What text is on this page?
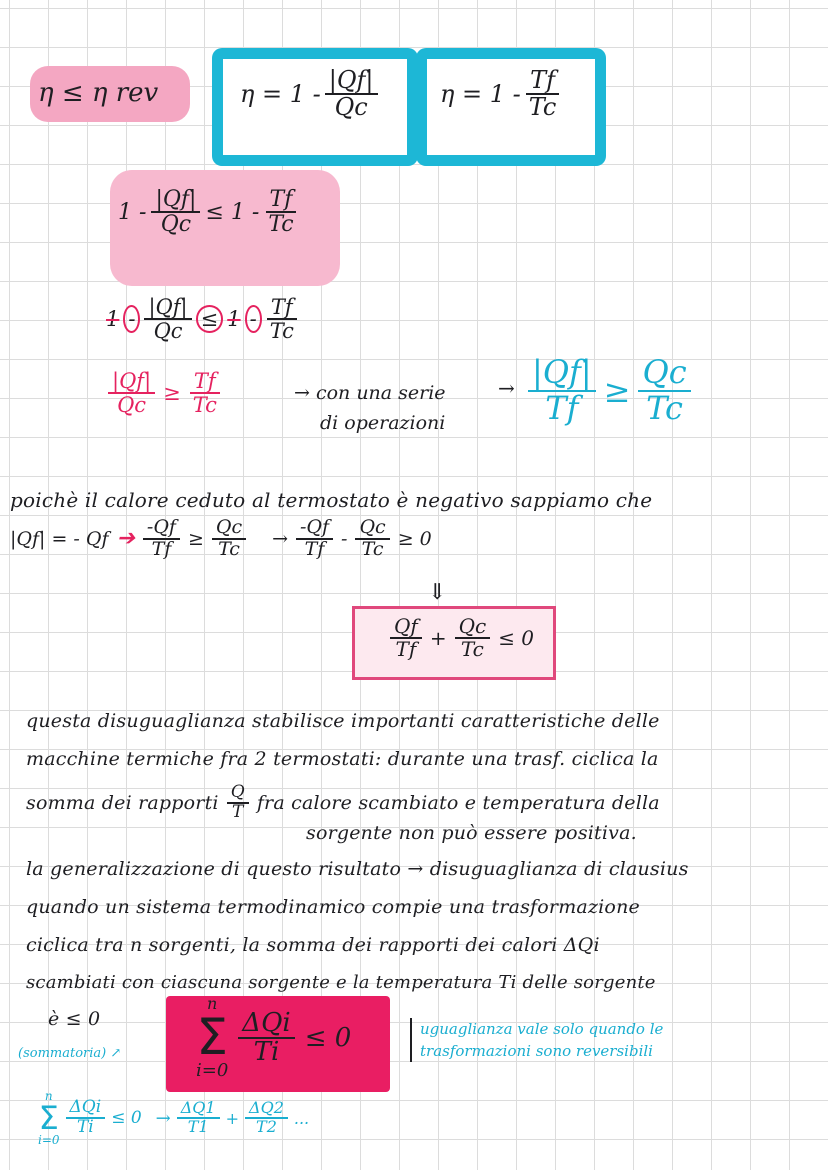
η ≤ η rev	$\eta = 1 - \frac{|Qf|}{Qc}$	$\eta = 1 - \frac{Tf}{Tc}$
$1 - \frac{|Qf|}{Qc} \le 1 - \frac{Tf}{Tc}$
$1 - \frac{|Qf|}{Qc} \le 1 - \frac{Tf}{Tc}$
$\frac{|Qf|}{Qc} \ge \frac{Tf}{Tc}$	→ con una serie
di operazioni
→ $\frac{|Qf|}{Tf} \ge \frac{Qc}{Tc}$
poichè il calore ceduto al termostato è negativo sappiamo che
|Qf| = - Qf ➔ $\frac{-Qf}{Tf} \ge \frac{Qc}{Tc} \to \frac{-Qf}{Tf} - \frac{Qc}{Tc} \ge 0$
⇓
$\frac{Qf}{Tf} + \frac{Qc}{Tc} \le 0$
questa disuguaglianza stabilisce importanti caratteristiche delle
macchine termiche fra 2 termostati: durante una trasf. ciclica la
somma dei rapporti $\frac{Q}{T}$ fra calore scambiato e temperatura della
sorgente non può essere positiva.
la generalizzazione di questo risultato → disuguaglianza di clausius
quando un sistema termodinamico compie una trasformazione
ciclica tra n sorgenti, la somma dei rapporti dei calori ΔQi
scambiati con ciascuna sorgente e la temperatura Ti delle sorgente
è ≤ 0
n
Σ
i=0
$\frac{\text{ΔQi}}{Ti} \le 0$
(sommatoria) ↗
uguaglianza vale solo quando le
trasformazioni sono reversibili
n
Σ
i=0
$\frac{\text{ΔQi}}{Ti} \le 0 \to \frac{\Delta Q1}{T1} + \frac{\Delta Q2}{T2}$ ...
